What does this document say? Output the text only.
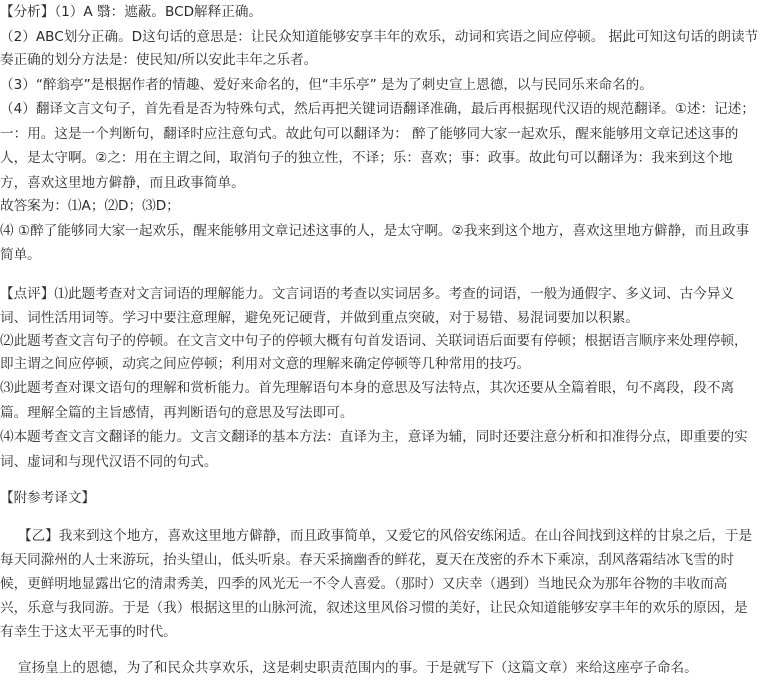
【分析】（1）A 翳：遮蔽。BCD解释正确。
（2）ABC划分正确。D这句话的意思是：让民众知道能够安享丰年的欢乐，动词和宾语之间应停顿。 据此可知这句话的朗读节
奏正确的划分方法是：使民知/所以安此丰年之乐者。
（3）“醉翁亭”是根据作者的情趣、爱好来命名的，但“丰乐亭” 是为了刺史宣上恩德，以与民同乐来命名的。
（4）翻译文言文句子，首先看是否为特殊句式，然后再把关键词语翻译准确，最后再根据现代汉语的规范翻译。①述：记述；
一：用。这是一个判断句，翻译时应注意句式。故此句可以翻译为： 醉了能够同大家一起欢乐，醒来能够用文章记述这事的
人，是太守啊。②之：用在主谓之间，取消句子的独立性，不译；乐：喜欢；事：政事。故此句可以翻译为：我来到这个地
方，喜欢这里地方僻静，而且政事简单。
故答案为：⑴A；⑵D；⑶D；
⑷ ①醉了能够同大家一起欢乐，醒来能够用文章记述这事的人，是太守啊。②我来到这个地方，喜欢这里地方僻静，而且政事
简单。
【点评】⑴此题考查对文言词语的理解能力。文言词语的考查以实词居多。考查的词语，一般为通假字、多义词、古今异义
词、词性活用词等。学习中要注意理解，避免死记硬背，并做到重点突破，对于易错、易混词要加以积累。
⑵此题考查文言句子的停顿。在文言文中句子的停顿大概有句首发语词、关联词语后面要有停顿；根据语言顺序来处理停顿，
即主谓之间应停顿，动宾之间应停顿；利用对文意的理解来确定停顿等几种常用的技巧。
⑶此题考查对课文语句的理解和赏析能力。首先理解语句本身的意思及写法特点，其次还要从全篇着眼，句不离段，段不离
篇。理解全篇的主旨感情，再判断语句的意思及写法即可。
⑷本题考查文言文翻译的能力。文言文翻译的基本方法：直译为主，意译为辅，同时还要注意分析和扣准得分点，即重要的实
词、虚词和与现代汉语不同的句式。
【附参考译文】
【乙】我来到这个地方，喜欢这里地方僻静，而且政事简单，又爱它的风俗安练闲适。在山谷间找到这样的甘泉之后，于是
每天同滁州的人士来游玩，抬头望山，低头听泉。春天采摘幽香的鲜花，夏天在茂密的乔木下乘凉，刮风落霜结冰飞雪的时
候，更鲜明地显露出它的清肃秀美，四季的风光无一不令人喜爱。（那时）又庆幸（遇到）当地民众为那年谷物的丰收而高
兴，乐意与我同游。于是（我）根据这里的山脉河流，叙述这里风俗习惯的美好，让民众知道能够安享丰年的欢乐的原因，是
有幸生于这太平无事的时代。
宣扬皇上的恩德，为了和民众共享欢乐，这是刺史职责范围内的事。于是就写下（这篇文章）来给这座亭子命名。
